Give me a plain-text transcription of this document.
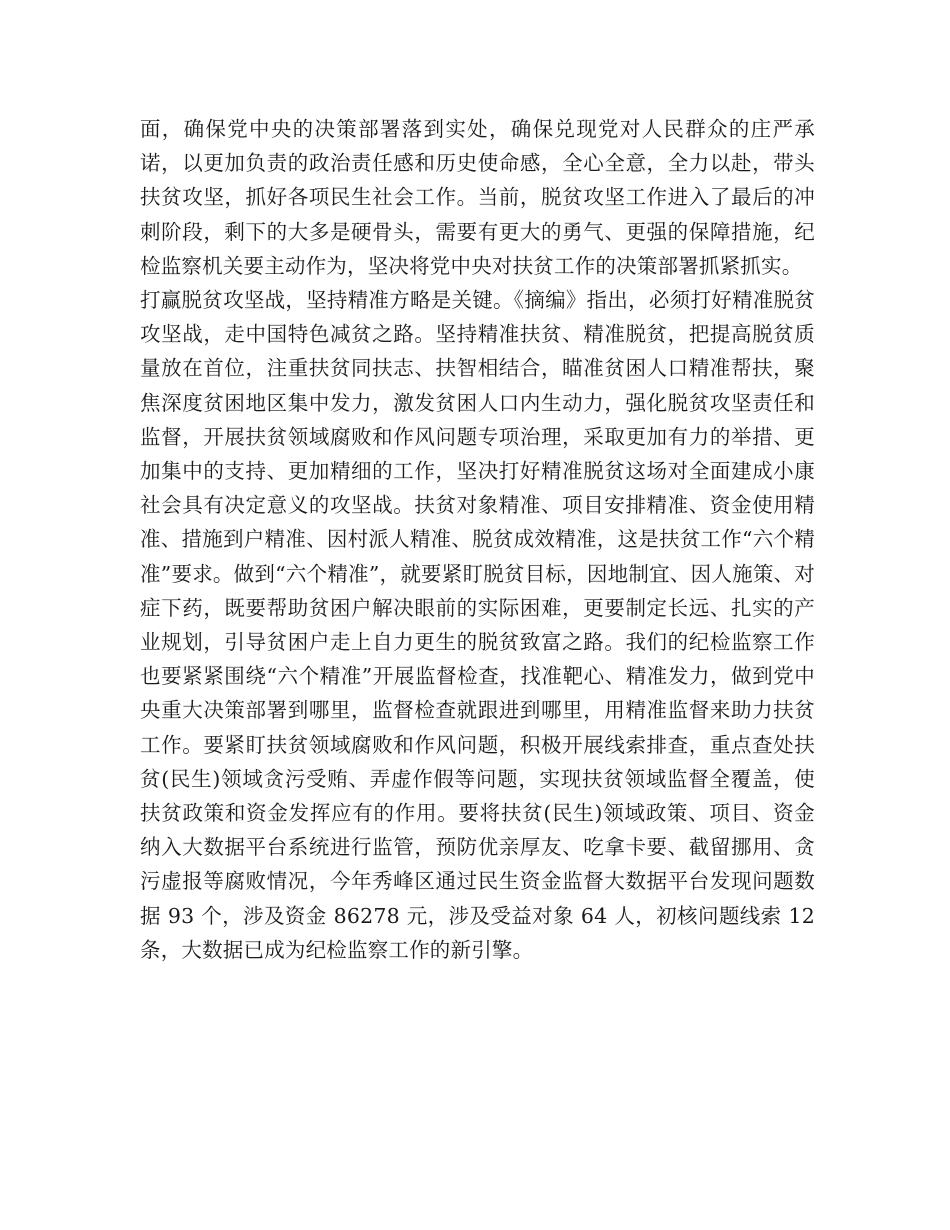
面，确保党中央的决策部署落到实处，确保兑现党对人民群众的庄严承诺，以更加负责的政治责任感和历史使命感，全心全意，全力以赴，带头扶贫攻坚，抓好各项民生社会工作。当前，脱贫攻坚工作进入了最后的冲刺阶段，剩下的大多是硬骨头，需要有更大的勇气、更强的保障措施，纪检监察机关要主动作为，坚决将党中央对扶贫工作的决策部署抓紧抓实。

打赢脱贫攻坚战，坚持精准方略是关键。《摘编》指出，必须打好精准脱贫攻坚战，走中国特色减贫之路。坚持精准扶贫、精准脱贫，把提高脱贫质量放在首位，注重扶贫同扶志、扶智相结合，瞄准贫困人口精准帮扶，聚焦深度贫困地区集中发力，激发贫困人口内生动力，强化脱贫攻坚责任和监督，开展扶贫领域腐败和作风问题专项治理，采取更加有力的举措、更加集中的支持、更加精细的工作，坚决打好精准脱贫这场对全面建成小康社会具有决定意义的攻坚战。扶贫对象精准、项目安排精准、资金使用精准、措施到户精准、因村派人精准、脱贫成效精准，这是扶贫工作“六个精准”要求。做到“六个精准”，就要紧盯脱贫目标，因地制宜、因人施策、对症下药，既要帮助贫困户解决眼前的实际困难，更要制定长远、扎实的产业规划，引导贫困户走上自力更生的脱贫致富之路。我们的纪检监察工作也要紧紧围绕“六个精准”开展监督检查，找准靶心、精准发力，做到党中央重大决策部署到哪里，监督检查就跟进到哪里，用精准监督来助力扶贫工作。要紧盯扶贫领域腐败和作风问题，积极开展线索排查，重点查处扶贫(民生)领域贪污受贿、弄虚作假等问题，实现扶贫领域监督全覆盖，使扶贫政策和资金发挥应有的作用。要将扶贫(民生)领域政策、项目、资金纳入大数据平台系统进行监管，预防优亲厚友、吃拿卡要、截留挪用、贪污虚报等腐败情况，今年秀峰区通过民生资金监督大数据平台发现问题数据 93 个，涉及资金 86278 元，涉及受益对象 64 人，初核问题线索 12 条，大数据已成为纪检监察工作的新引擎。
